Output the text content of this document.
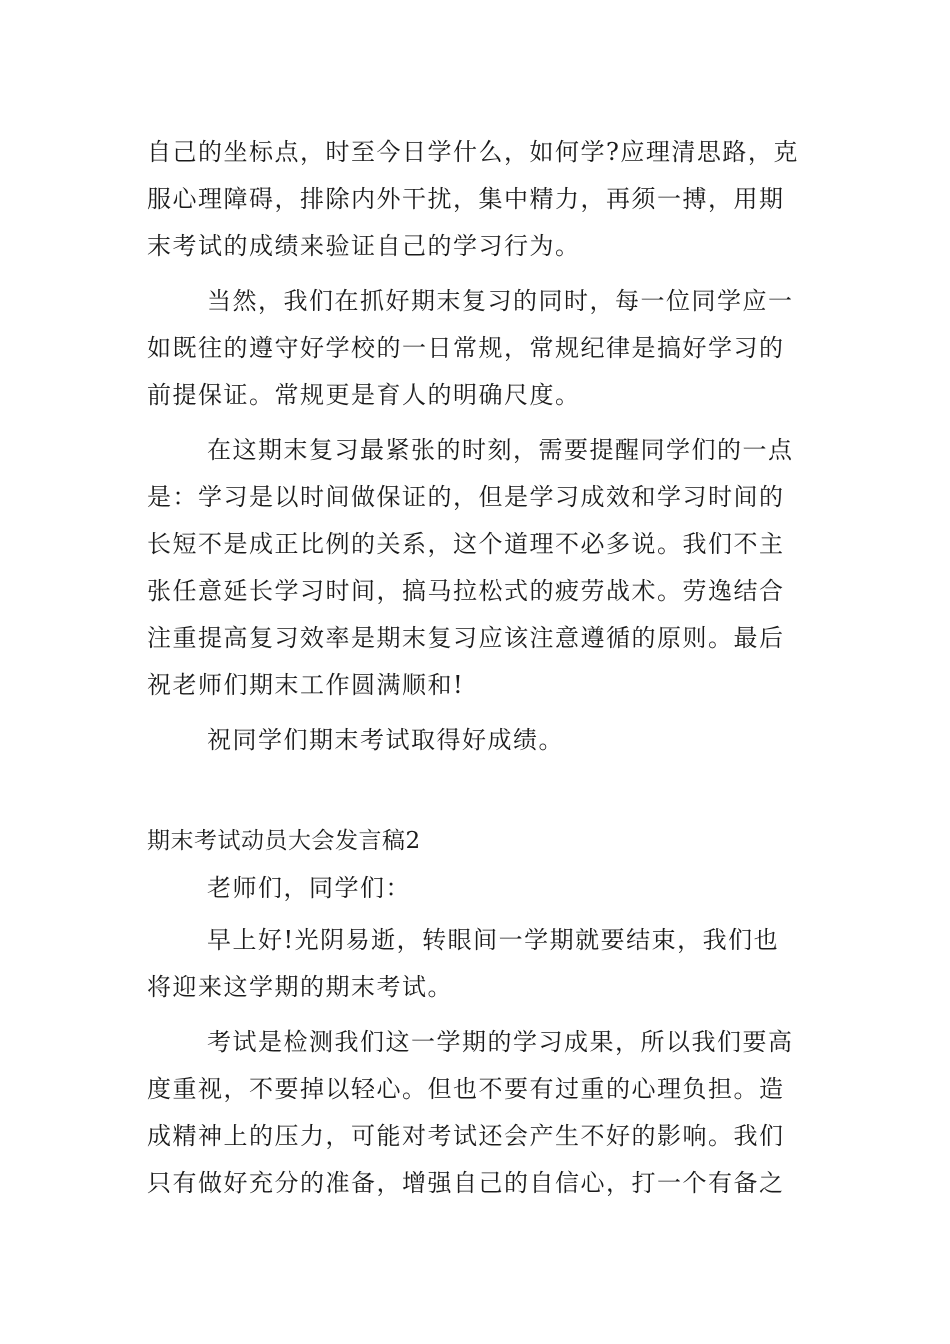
自己的坐标点，时至今日学什么，如何学?应理清思路，克
服心理障碍，排除内外干扰，集中精力，再须一搏，用期
末考试的成绩来验证自己的学习行为。
当然，我们在抓好期末复习的同时，每一位同学应一
如既往的遵守好学校的一日常规，常规纪律是搞好学习的
前提保证。常规更是育人的明确尺度。
在这期末复习最紧张的时刻，需要提醒同学们的一点
是：学习是以时间做保证的，但是学习成效和学习时间的
长短不是成正比例的关系，这个道理不必多说。我们不主
张任意延长学习时间，搞马拉松式的疲劳战术。劳逸结合
注重提高复习效率是期末复习应该注意遵循的原则。最后
祝老师们期末工作圆满顺和!
祝同学们期末考试取得好成绩。
期末考试动员大会发言稿2
老师们，同学们：
早上好!光阴易逝，转眼间一学期就要结束，我们也
将迎来这学期的期末考试。
考试是检测我们这一学期的学习成果，所以我们要高
度重视，不要掉以轻心。但也不要有过重的心理负担。造
成精神上的压力，可能对考试还会产生不好的影响。我们
只有做好充分的准备，增强自己的自信心，打一个有备之
